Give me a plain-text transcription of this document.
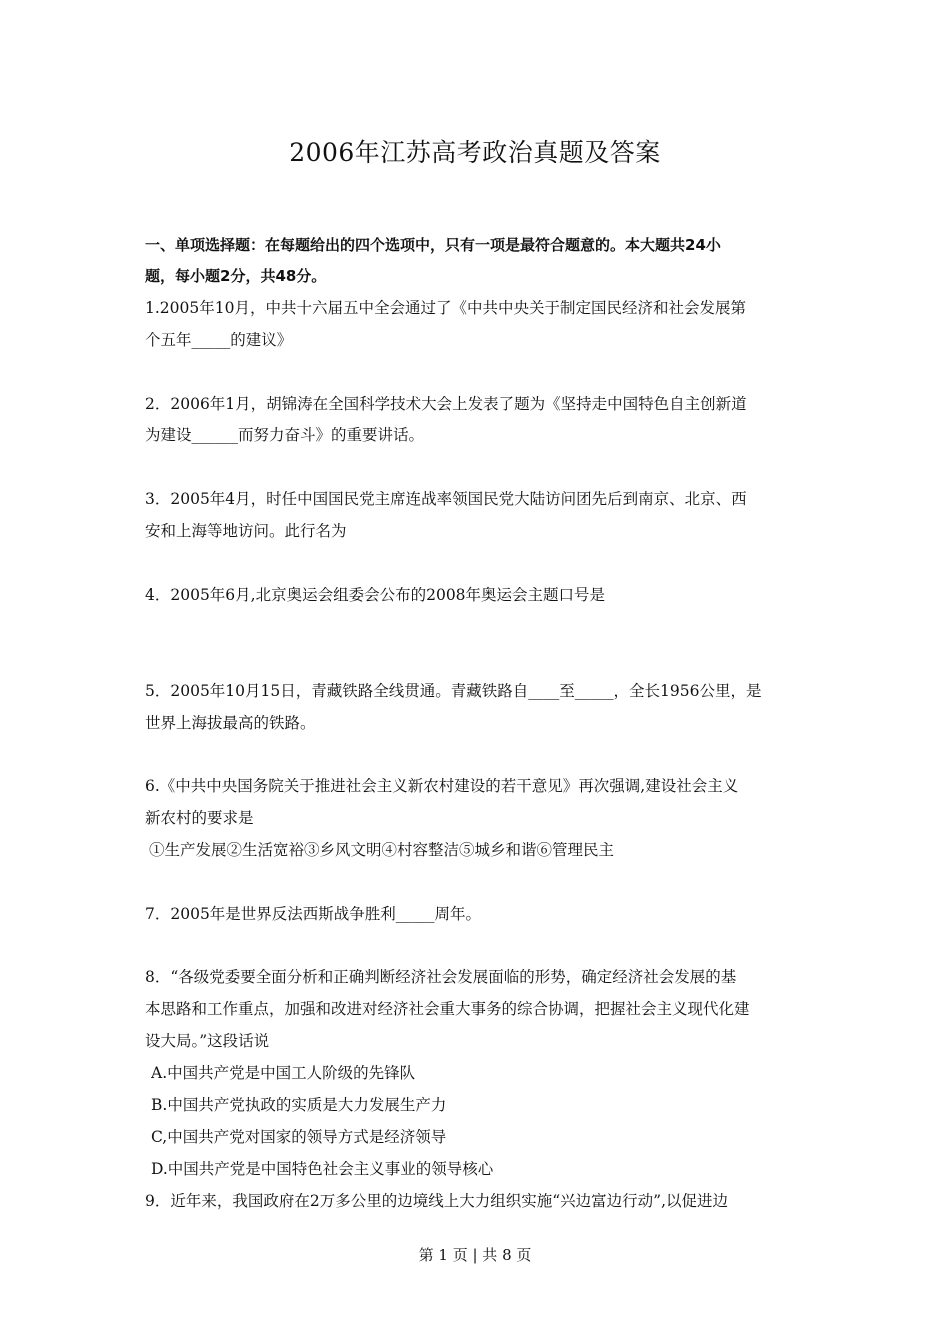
2006年江苏高考政治真题及答案
一、单项选择题：在每题给出的四个选项中，只有一项是最符合题意的。本大题共24小
题，每小题2分，共48分。
1.2005年10月，中共十六届五中全会通过了《中共中央关于制定国民经济和社会发展第
个五年_____的建议》
2．2006年1月，胡锦涛在全国科学技术大会上发表了题为《坚持走中国特色自主创新道
为建设______而努力奋斗》的重要讲话。
3．2005年4月，时任中国国民党主席连战率领国民党大陆访问团先后到南京、北京、西
安和上海等地访问。此行名为
4．2005年6月,北京奥运会组委会公布的2008年奥运会主题口号是
5．2005年10月15日，青藏铁路全线贯通。青藏铁路自____至_____，全长1956公里，是
世界上海拔最高的铁路。
6.《中共中央国务院关于推进社会主义新农村建设的若干意见》再次强调,建设社会主义
新农村的要求是
①生产发展②生活宽裕③乡风文明④村容整洁⑤城乡和谐⑥管理民主
7．2005年是世界反法西斯战争胜利_____周年。
8．“各级党委要全面分析和正确判断经济社会发展面临的形势，确定经济社会发展的基
本思路和工作重点，加强和改进对经济社会重大事务的综合协调，把握社会主义现代化建
设大局。”这段话说
A.中国共产党是中国工人阶级的先锋队
B.中国共产党执政的实质是大力发展生产力
C,中国共产党对国家的领导方式是经济领导
D.中国共产党是中国特色社会主义事业的领导核心
9．近年来，我国政府在2万多公里的边境线上大力组织实施“兴边富边行动”,以促进边
第 1 页 | 共 8 页
